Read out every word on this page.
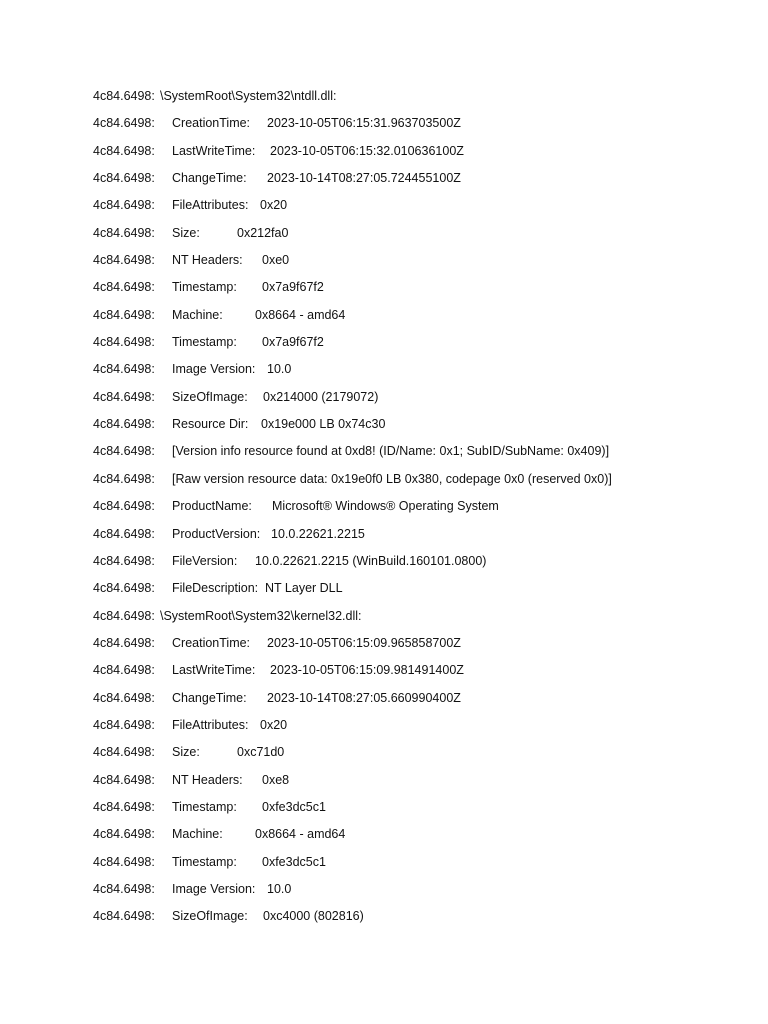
4c84.6498: \SystemRoot\System32\ntdll.dll:
4c84.6498: CreationTime: 2023-10-05T06:15:31.963703500Z
4c84.6498: LastWriteTime: 2023-10-05T06:15:32.010636100Z
4c84.6498: ChangeTime: 2023-10-14T08:27:05.724455100Z
4c84.6498: FileAttributes: 0x20
4c84.6498: Size:	0x212fa0
4c84.6498: NT Headers: 0xe0
4c84.6498: Timestamp: 0x7a9f67f2
4c84.6498: Machine:	0x8664 - amd64
4c84.6498: Timestamp: 0x7a9f67f2
4c84.6498: Image Version: 10.0
4c84.6498: SizeOfImage: 0x214000 (2179072)
4c84.6498: Resource Dir: 0x19e000 LB 0x74c30
4c84.6498: [Version info resource found at 0xd8! (ID/Name: 0x1; SubID/SubName: 0x409)]
4c84.6498: [Raw version resource data: 0x19e0f0 LB 0x380, codepage 0x0 (reserved 0x0)]
4c84.6498: ProductName: Microsoft® Windows® Operating System
4c84.6498: ProductVersion: 10.0.22621.2215
4c84.6498: FileVersion: 10.0.22621.2215 (WinBuild.160101.0800)
4c84.6498: FileDescription: NT Layer DLL
4c84.6498: \SystemRoot\System32\kernel32.dll:
4c84.6498: CreationTime: 2023-10-05T06:15:09.965858700Z
4c84.6498: LastWriteTime: 2023-10-05T06:15:09.981491400Z
4c84.6498: ChangeTime: 2023-10-14T08:27:05.660990400Z
4c84.6498: FileAttributes: 0x20
4c84.6498: Size:	0xc71d0
4c84.6498: NT Headers: 0xe8
4c84.6498: Timestamp: 0xfe3dc5c1
4c84.6498: Machine:	0x8664 - amd64
4c84.6498: Timestamp: 0xfe3dc5c1
4c84.6498: Image Version: 10.0
4c84.6498: SizeOfImage: 0xc4000 (802816)
